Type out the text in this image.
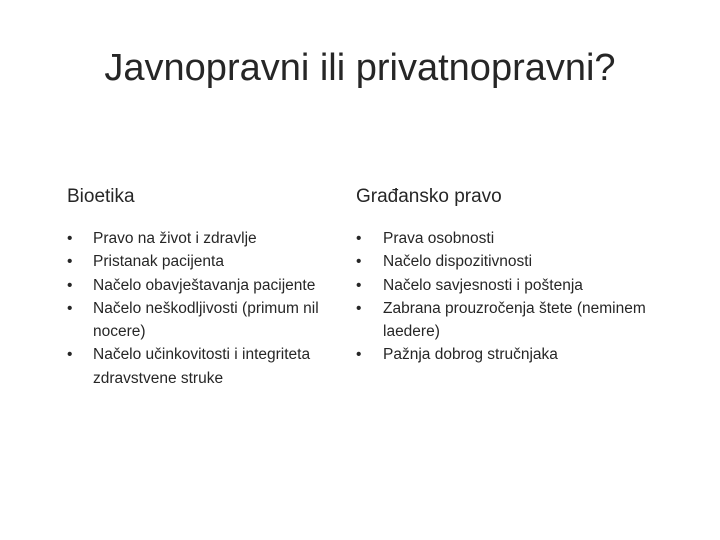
Javnopravni ili privatnopravni?
Bioetika
• Pravo na život i zdravlje
• Pristanak pacijenta
• Načelo obavještavanja pacijente
• Načelo neškodljivosti (primum nil nocere)
• Načelo učinkovitosti i integriteta zdravstvene struke
Građansko pravo
• Prava osobnosti
• Načelo dispozitivnosti
• Načelo savjesnosti i poštenja
• Zabrana prouzročenja štete (neminem laedere)
• Pažnja dobrog stručnjaka
